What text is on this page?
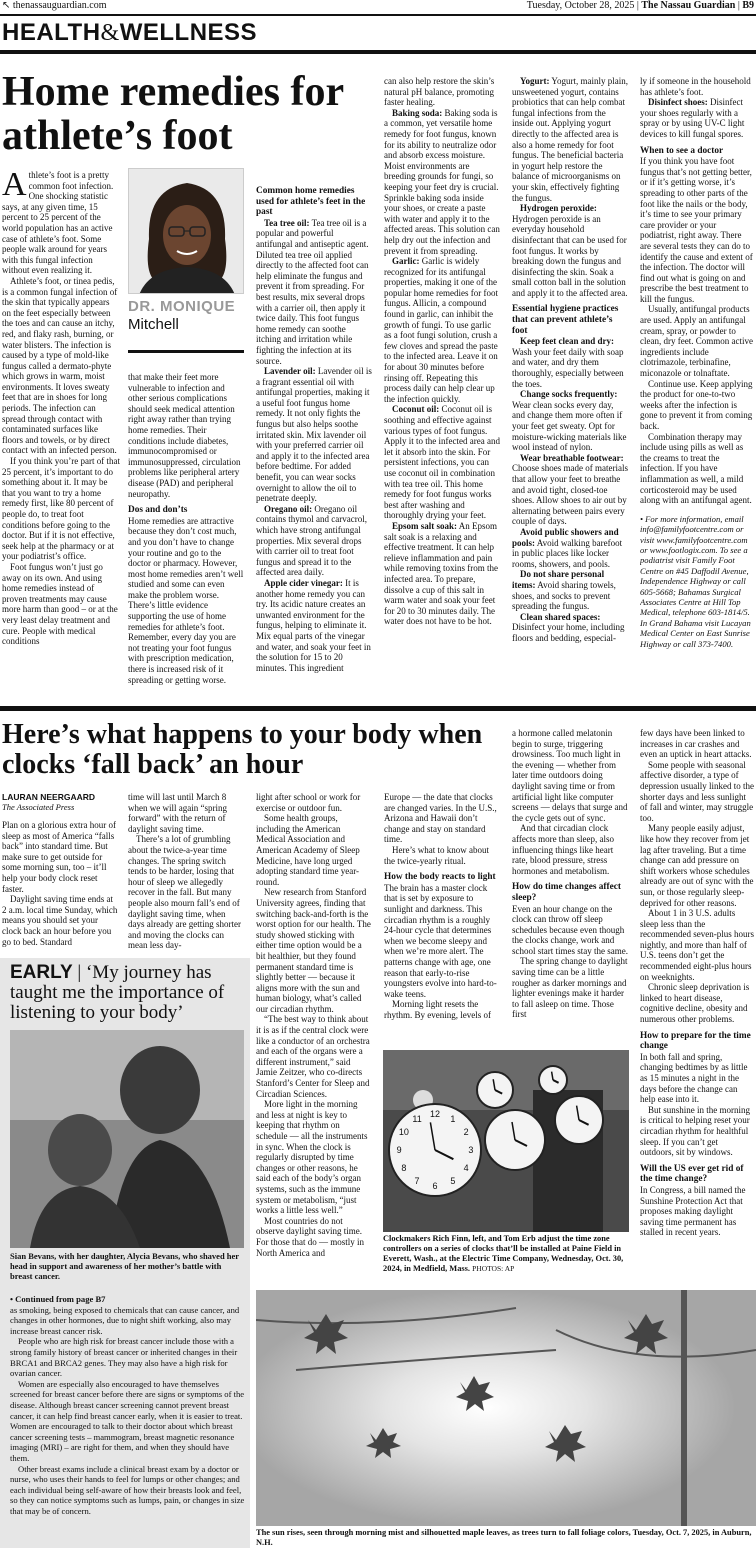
↖ thenassauguardian.com	Tuesday, October 28, 2025 | The Nassau Guardian | B9
HEALTH&WELLNESS
Home remedies for athlete’s foot

Athlete’s foot is a pretty common foot infection. One shocking statistic says, at any given time, 15 percent to 25 percent of the world population has an active case of athlete’s foot. Some people walk around for years with this fungal infection without even realizing it.

Athlete’s foot, or tinea pedis, is a common fungal infection of the skin that typically appears on the feet especially between the toes and can cause an itchy, red, and flaky rash, burning, or water blisters. The infection is caused by a type of mold-like fungus called a dermato-phyte which grows in warm, moist environments. It loves sweaty feet that are in shoes for long periods. The infection can spread through contact with contaminated surfaces like floors and towels, or by direct contact with an infected person.

If you think you’re part of that 25 percent, it’s important to do something about it. It may be that you want to try a home remedy first, like 80 percent of people do, to treat foot conditions before going to the doctor. But if it is not effective, seek help at the pharmacy or at your podiatrist’s office.

Foot fungus won’t just go away on its own. And using home remedies instead of proven treatments may cause more harm than good – or at the very least delay treatment and cure. People with medical conditions

DR. MONIQUE
Mitchell

that make their feet more vulnerable to infection and other serious complications should seek medical attention right away rather than trying home remedies. Their conditions include diabetes, immunocompromised or immunosuppressed, circulation problems like peripheral artery disease (PAD) and peripheral neuropathy.

Dos and don’ts

Home remedies are attractive because they don’t cost much, and you don’t have to change your routine and go to the doctor or pharmacy. However, most home remedies aren’t well studied and some can even make the problem worse. There’s little evidence supporting the use of home remedies for athlete’s foot. Remember, every day you are not treating your foot fungus with prescription medication, there is increased risk of it spreading or getting worse.

Common home remedies used for athlete’s feet in the past

Tea tree oil: Tea tree oil is a popular and powerful antifungal and antiseptic agent. Diluted tea tree oil applied directly to the affected foot can help eliminate the fungus and prevent it from spreading. For best results, mix several drops with a carrier oil, then apply it twice daily. This foot fungus home remedy can soothe itching and irritation while fighting the infection at its source.

Lavender oil: Lavender oil is a fragrant essential oil with antifungal properties, making it a useful foot fungus home remedy. It not only fights the fungus but also helps soothe irritated skin. Mix lavender oil with your preferred carrier oil and apply it to the infected area before bedtime. For added benefit, you can wear socks overnight to allow the oil to penetrate deeply.

Oregano oil: Oregano oil contains thymol and carvacrol, which have strong antifungal properties. Mix several drops with carrier oil to treat foot fungus and spread it to the affected area daily.

Apple cider vinegar: It is another home remedy you can try. Its acidic nature creates an unwanted environment for the fungus, helping to eliminate it. Mix equal parts of the vinegar and water, and soak your feet in the solution for 15 to 20 minutes. This ingredient

can also help restore the skin’s natural pH balance, promoting faster healing.

Baking soda: Baking soda is a common, yet versatile home remedy for foot fungus, known for its ability to neutralize odor and absorb excess moisture. Moist environments are breeding grounds for fungi, so keeping your feet dry is crucial. Sprinkle baking soda inside your shoes, or create a paste with water and apply it to the affected areas. This solution can help dry out the infection and prevent it from spreading.

Garlic: Garlic is widely recognized for its antifungal properties, making it one of the popular home remedies for foot fungus. Allicin, a compound found in garlic, can inhibit the growth of fungi. To use garlic as a foot fungi solution, crush a few cloves and spread the paste to the infected area. Leave it on for about 30 minutes before rinsing off. Repeating this process daily can help clear up the infection quickly.

Coconut oil: Coconut oil is soothing and effective against various types of foot fungus. Apply it to the infected area and let it absorb into the skin. For persistent infections, you can use coconut oil in combination with tea tree oil. This home remedy for foot fungus works best after washing and thoroughly drying your feet.

Epsom salt soak: An Epsom salt soak is a relaxing and effective treatment. It can help relieve inflammation and pain while removing toxins from the infected area. To prepare, dissolve a cup of this salt in warm water and soak your feet for 20 to 30 minutes daily. The water does not have to be hot.

Yogurt: Yogurt, mainly plain, unsweetened yogurt, contains probiotics that can help combat fungal infections from the inside out. Applying yogurt directly to the affected area is also a home remedy for foot fungus. The beneficial bacteria in yogurt help restore the balance of microorganisms on your skin, effectively fighting the fungus.

Hydrogen peroxide: Hydrogen peroxide is an everyday household disinfectant that can be used for foot fungus. It works by breaking down the fungus and disinfecting the skin. Soak a small cotton ball in the solution and apply it to the affected area.

Essential hygiene practices that can prevent athlete’s foot

Keep feet clean and dry: Wash your feet daily with soap and water, and dry them thoroughly, especially between the toes.

Change socks frequently: Wear clean socks every day, and change them more often if your feet get sweaty. Opt for moisture-wicking materials like wool instead of nylon.

Wear breathable footwear: Choose shoes made of materials that allow your feet to breathe and avoid tight, closed-toe shoes. Allow shoes to air out by alternating between pairs every couple of days.

Avoid public showers and pools: Avoid walking barefoot in public places like locker rooms, showers, and pools.

Do not share personal items: Avoid sharing towels, shoes, and socks to prevent spreading the fungus.

Clean shared spaces: Disinfect your home, including floors and bedding, especial-

ly if someone in the household has athlete’s foot.

Disinfect shoes: Disinfect your shoes regularly with a spray or by using UV-C light devices to kill fungal spores.

When to see a doctor

If you think you have foot fungus that’s not getting better, or if it’s getting worse, it’s spreading to other parts of the foot like the nails or the body, it’s time to see your primary care provider or your podiatrist, right away. There are several tests they can do to identify the cause and extent of the infection. The doctor will find out what is going on and prescribe the best treatment to kill the fungus.

Usually, antifungal products are used. Apply an antifungal cream, spray, or powder to clean, dry feet. Common active ingredients include clotrimazole, terbinafine, miconazole or tolnaftate.

Continue use. Keep applying the product for one-to-two weeks after the infection is gone to prevent it from coming back.

Combination therapy may include using pills as well as the creams to treat the infection. If you have inflammation as well, a mild corticosteroid may be used along with an antifungal agent.

• For more information, email info@familyfootcentre.com or visit www.familyfootcentre.com or www.footlogix.com. To see a podiatrist visit Family Foot Centre on #45 Daffodil Avenue, Independence Highway or call 605-5668; Bahamas Surgical Associates Centre at Hill Top Medical, telephone 603-1814/5. In Grand Bahama visit Lucayan Medical Center on East Sunrise Highway or call 373-7400.

Here’s what happens to your body when clocks ‘fall back’ an hour
LAURAN NEERGAARD
The Associated Press

Plan on a glorious extra hour of sleep as most of America “falls back” into standard time. But make sure to get outside for some morning sun, too – it’ll help your body clock reset faster.

Daylight saving time ends at 2 a.m. local time Sunday, which means you should set your clock back an hour before you go to bed. Standard

time will last until March 8 when we will again “spring forward” with the return of daylight saving time.

There’s a lot of grumbling about the twice-a-year time changes. The spring switch tends to be harder, losing that hour of sleep we allegedly recover in the fall. But many people also mourn fall’s end of daylight saving time, when days already are getting shorter and moving the clocks can mean less day-

light after school or work for exercise or outdoor fun.

Some health groups, including the American Medical Association and American Academy of Sleep Medicine, have long urged adopting standard time year-round.

New research from Stanford University agrees, finding that switching back-and-forth is the worst option for our health. The study showed sticking with either time option would be a bit healthier, but they found permanent standard time is slightly better — because it aligns more with the sun and human biology, what’s called our circadian rhythm.

“The best way to think about it is as if the central clock were like a conductor of an orchestra and each of the organs were a different instrument,” said Jamie Zeitzer, who co-directs Stanford’s Center for Sleep and Circadian Sciences.

More light in the morning and less at night is key to keeping that rhythm on schedule — all the instruments in sync. When the clock is regularly disrupted by time changes or other reasons, he said each of the body’s organ systems, such as the immune system or metabolism, “just works a little less well.”

Most countries do not observe daylight saving time. For those that do — mostly in North America and

Europe — the date that clocks are changed varies. In the U.S., Arizona and Hawaii don’t change and stay on standard time.

Here’s what to know about the twice-yearly ritual.

How the body reacts to light

The brain has a master clock that is set by exposure to sunlight and darkness. This circadian rhythm is a roughly 24-hour cycle that determines when we become sleepy and when we’re more alert. The patterns change with age, one reason that early-to-rise youngsters evolve into hard-to-wake teens.

Morning light resets the rhythm. By evening, levels of

a hormone called melatonin begin to surge, triggering drowsiness. Too much light in the evening — whether from later time outdoors doing daylight saving time or from artificial light like computer screens — delays that surge and the cycle gets out of sync.

And that circadian clock affects more than sleep, also influencing things like heart rate, blood pressure, stress hormones and metabolism.

How do time changes affect sleep?

Even an hour change on the clock can throw off sleep schedules because even though the clocks change, work and school start times stay the same.

The spring change to daylight saving time can be a little rougher as darker mornings and lighter evenings make it harder to fall asleep on time. Those first

few days have been linked to increases in car crashes and even an uptick in heart attacks.

Some people with seasonal affective disorder, a type of depression usually linked to the shorter days and less sunlight of fall and winter, may struggle too.

Many people easily adjust, like how they recover from jet lag after traveling. But a time change can add pressure on shift workers whose schedules already are out of sync with the sun, or those regularly sleep-deprived for other reasons.

About 1 in 3 U.S. adults sleep less than the recommended seven-plus hours nightly, and more than half of U.S. teens don’t get the recommended eight-plus hours on weeknights.

Chronic sleep deprivation is linked to heart disease, cognitive decline, obesity and numerous other problems.

How to prepare for the time change

In both fall and spring, changing bedtimes by as little as 15 minutes a night in the days before the change can help ease into it.

But sunshine in the morning is critical to helping reset your circadian rhythm for healthful sleep. If you can’t get outdoors, sit by windows.

Will the US ever get rid of the time change?

In Congress, a bill named the Sunshine Protection Act that proposes making daylight saving time permanent has stalled in recent years.

12 1
2
3
4
5
6
7
8
9
10
11
Clockmakers Rich Finn, left, and Tom Erb adjust the time zone controllers on a series of clocks that’ll be installed at Paine Field in Everett, Wash., at the Electric Time Company, Wednesday, Oct. 30, 2024, in Medfield, Mass. PHOTOS: AP
EARLY | ‘My journey has taught me the importance of listening to your body’
Sian Bevans, with her daughter, Alycia Bevans, who shaved her head in support and awareness of her mother’s battle with breast cancer.

• Continued from page B7

as smoking, being exposed to chemicals that can cause cancer, and changes in other hormones, due to night shift working, also may increase breast cancer risk.

People who are high risk for breast cancer include those with a strong family history of breast cancer or inherited changes in their BRCA1 and BRCA2 genes. They may also have a high risk for ovarian cancer.

Women are especially also encouraged to have themselves screened for breast cancer before there are signs or symptoms of the disease. Although breast cancer screening cannot prevent breast cancer, it can help find breast cancer early, when it is easier to treat. Women are encouraged to talk to their doctor about which breast cancer screening tests – mammogram, breast magnetic resonance imaging (MRI) – are right for them, and when they should have them.

Other breast exams include a clinical breast exam by a doctor or nurse, who uses their hands to feel for lumps or other changes; and each individual being self-aware of how their breasts look and feel, so they can notice symptoms such as lumps, pain, or changes in size that may be of concern.

The sun rises, seen through morning mist and silhouetted maple leaves, as trees turn to fall foliage colors, Tuesday, Oct. 7, 2025, in Auburn, N.H.
